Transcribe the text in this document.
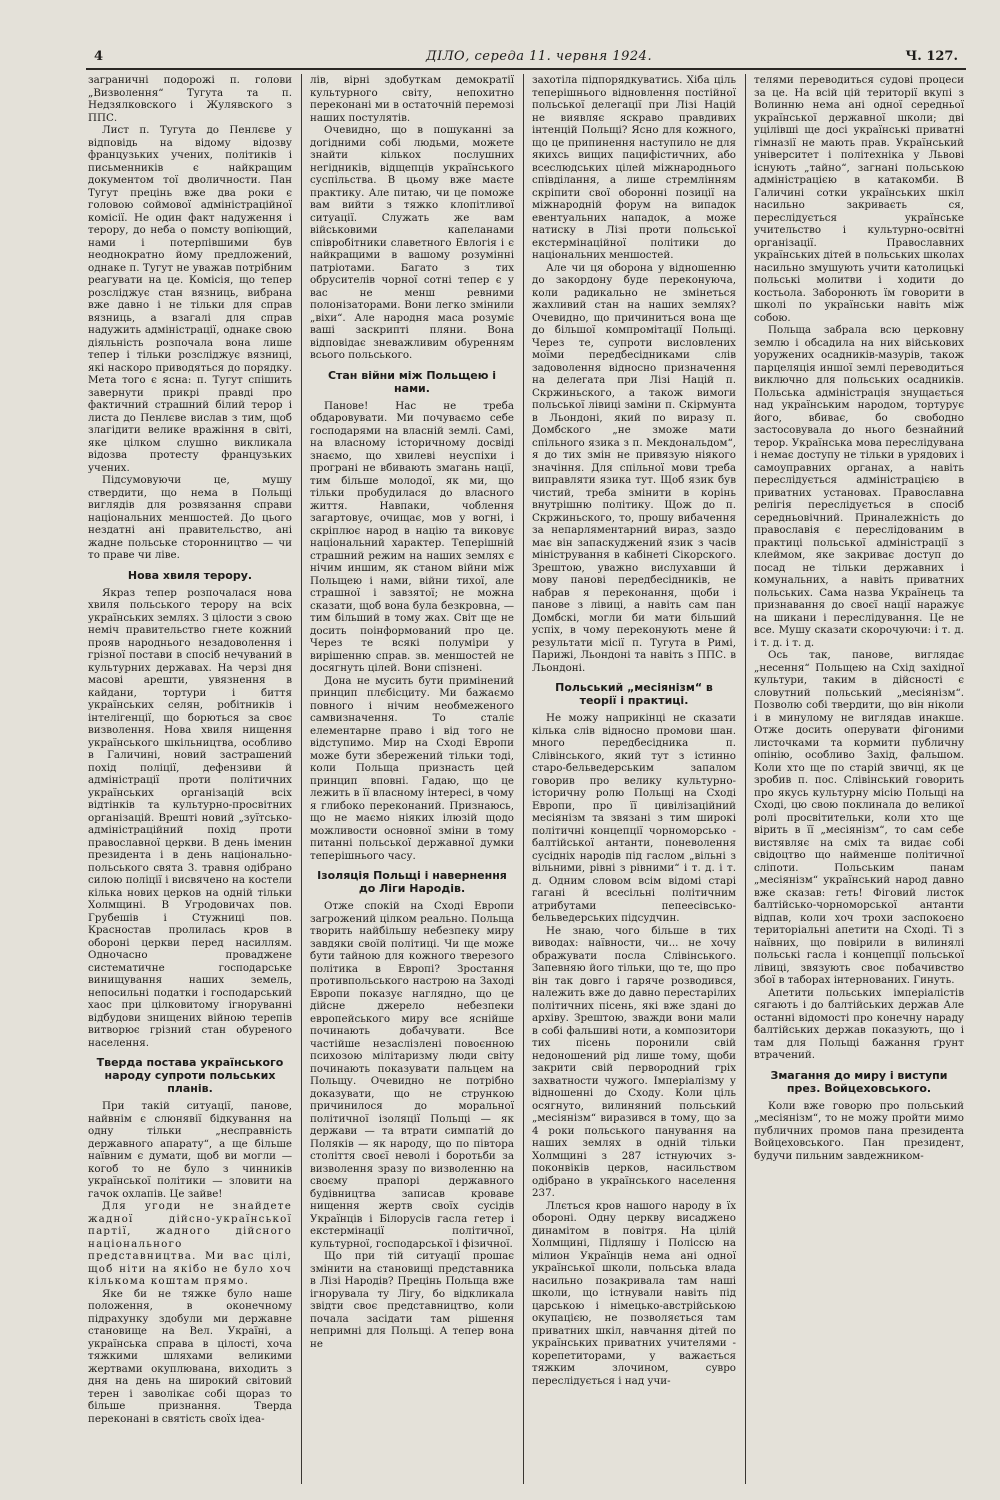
4	ДІЛО, середа 11. червня 1924.	Ч. 127.

заграничні подорожі п. голови „Визволення“ Тугута та п. Недзялковского і Жулявского з ППС.

Лист п. Тугута до Пенлєве у відповідь на відому відозву французьких учених, політиків і письменників є найкращим документом тої дволичности. Пан Тугут прецінь вже два роки є головою соймової адміністраційної комісії. Не один факт надуження і терору, до неба о помсту вопіющий, нами і потерпівшими був неоднократно йому предложений, однаке п. Тугут не уважав потрібним реагувати на це. Комісія, що тепер розсліджує стан вязниць, вибрана вже давно і не тільки для справ вязниць, а взагалі для справ надужить адміністрації, однаке свою діяльність розпочала вона лише тепер і тільки розсліджує вязниці, які наскоро приводяться до порядку. Мета того є ясна: п. Тугут спішить завернути прикрі правді про фактичний страшний білий терор і листа до Пенлєве вислав з тим, щоб злагідити велике вражіння в світі, яке цілком слушно викликала відозва протесту французьких учених.

Підсумовуючи це, мушу ствердити, що нема в Польщі виглядів для розвязання справи національних меншостей. До цього нездатні ані правительство, ані жадне польське сторонництво — чи то праве чи ліве.

Нова хвиля терору.

Якраз тепер розпочалася нова хвиля польського терору на всіх українських землях. З цілости з свою неміч правительство гнете кожний прояв народнього незадоволення і грізної постави в спосіб нечуваний в культурних державах. На черзі дня масові арешти, увязнення в кайдани, тортури і биття українських селян, робітників і інтелігенції, що борються за своє визволення. Нова хвиля нищення українського шкільництва, особливо в Галичині, новий застрашений похід поліції, дефензиви й адміністрації проти політичних українських організацій всіх відтінків та культурно-просвітних організацій. Врешті новий „зуїтсько-адміністраційний похід проти православної церкви. В день іменин президента і в день національно-польського свята 3. травня одібрано силою поліції і висвячено на костели кілька нових церков на одній тільки Холмщині. В Угродовичах пов. Грубешів і Стужниці пов. Красностав пролилась кров в обороні церкви перед насиллям. Одночасно проваджене систематичне господарське винищування наших земель, непосильні податки і господарський хаос при цілковитому ігноруванні відбудови знищених війною терепів витворює грізний стан обуреного населення.

Тверда постава українського народу супроти польських планів.

При такій ситуації, панове, найвнім є слюнявії бідкування на одну тільки „несправність державного апарату“, а ще більше наївним є думати, щоб ви могли — когоб то не було з чинників української політики — зловити на гачок охлапів. Це зайве!

Для угоди не знайдете жадної дійсно-української партії, жадного дійсного національного представництва. Ми вас цілі, щоб ніти на якібо не було хоч кількома коштам прямо.

Яке би не тяжке було наше положення, в оконечному підрахунку здобули ми державне становище на Вел. Україні, а українська справа в цілості, хоча тяжкими шляхами великими жертвами окуплювана, виходить з дня на день на широкий світовий терен і заволікає собі щораз то більше признання. Тверда переконані в святість своїх ідеа-

лів, вірні здобуткам демократії культурного світу, непохитно переконані ми в остаточній перемозі наших постулятів.

Очевидно, що в пошуканні за догідними собі людьми, можете знайти кількох послушних негідників, відщепців українського суспільства. В цьому вже маєте практику. Але питаю, чи це поможе вам вийти з тяжко клопітливої ситуації. Служать же вам військовими капеланами співробітники славетного Евлогія і є найкращими в вашому розумінні патріотами. Багато з тих обрусителів чорної сотні тепер є у вас не менш ревними полонізаторами. Вони легко змінили „віхи“. Але народня маса розуміє ваші заскрипті пляни. Вона відповідає зневажливим обуренням всього польського.

Стан війни між Польщею і нами.

Панове! Нас не треба обдаровувати. Ми почуваємо себе господарями на власній землі. Самі, на власному історичному досвіді знаємо, що хвилеві неуспіхи і програні не вбивають змагань нації, тим більше молодої, як ми, що тільки пробудилася до власного життя. Навпаки, чоблення загартовує, очищає, мов у вогні, і скріплює народ в націю та виковує національний характер. Теперішній страшний режим на наших землях є нічим иншим, як станом війни між Польщею і нами, війни тихої, але страшної і завзятої; не можна сказати, щоб вона була безкровна, — тим більший в тому жах. Світ ще не досить поінформований про це. Через те всякі полуміри у вирішенню справ. зв. меншостей не досягнуть цілей. Вони спізнені.

Дона не мусить бути примінений принцип плєбісциту. Ми бажаємо повного і нічим необмеженого самвизначення. То сталіє елементарне право і від того не відступимо. Мир на Сході Европи може бути збережений тільки тоді, коли Польща признасть цей принцип вповні. Гадаю, що це лежить в її власному інтересі, в чому я глибоко переконаний. Признаюсь, що не маємо ніяких ілюзій щодо можливости основної зміни в тому питанні польської державної думки теперішнього часу.

Ізоляція Польщі і навернення до Ліги Народів.

Отже спокій на Сході Европи загрожений цілком реально. Польща творить найбільшу небезпеку миру завдяки своїй політиці. Чи ще може бути тайною для кожного тверезого політика в Европі? Зростання противпольського настрою на Заході Европи показує наглядно, що це дійсне джерело небезпеки европейського миру все яснійше починають добачувати. Все частійше незаслізлені повоєнною психозою мілітаризму люди світу починають показувати пальцем на Польщу. Очевидно не потрібно доказувати, що не стрункою причинилося до моральної політичної ізоляції Польщі — як держави — та втрати симпатій до Поляків — як народу, що по півтора століття своєї неволі і боротьби за визволення зразу по визволенню на своєму прапорі державного будівництва записав кроваве нищення жертв своїх сусідів Українців і Білорусів гасла гетер і екстермінації політичної, культурної, господарської і фізичної.

Що при тій ситуації прошає змінити на становищі представника в Лізі Народів? Прецінь Польща вже ігнорувала ту Лігу, бо відкликала звідти своє представництво, коли почала засідати там рішення непримні для Польщі. А тепер вона не

захотіла підпорядкуватись. Хіба ціль теперішнього відновлення постійної польської делегації при Лізі Націй не виявляє яскраво правдивих інтенцій Польщі? Ясно для кожного, що це припинення наступило не для якихсь вищих пацифістичних, або всеслюдських цілей міжнароднього співділання, а лише стремлінням скріпити свої оборонні позиції на міжнародній форум на випадок евентуальних нападок, а може натиску в Лізі проти польської екстермінаційної політики до національних меншостей.

Але чи ця оборона у відношенню до закордону буде переконуюча, коли радикально не змінеться жахливий стан на наших землях? Очевидно, що причиниться вона ще до більшої компромітації Польщі. Через те, супроти висловлених моїми передбесідниками слів задоволення відносно призначення на делегата при Лізі Націй п. Скржиньского, а також вимоги польської лівиці заміни п. Скірмунта в Льондоні, який по виразу п. Домбского „не зможе мати спільного язика з п. Мекдональдом“, я до тих змін не привязую ніякого значіння. Для спільної мови треба виправляти язика тут. Щоб язик був чистий, треба змінити в корінь внутрішню політику. Щож до п. Скржиньского, то, прошу вибачення за непарляментарний вираз, заздо має він запаскуджений язик з часів міністрування в кабінеті Сікорского. Зрештою, уважно вислухавши й мову панові передбесідників, не набрав я переконання, щоби і панове з лівиці, а навіть сам пан Домбскі, могли би мати більший успіх, в чому переконують мене й результати місії п. Тугута в Римі, Парижі, Льондоні та навіть з ППС. в Льондоні.

Польський „месіянізм“ в теорії і практиці.

Не можу наприкінці не сказати кілька слів відносно промови шан. много передбесідника п. Слівінського, який тут з істинно старо-бельведерським запалом говорив про велику культурно-історичну ролю Польщі на Сході Европи, про її цивілізаційний месіянізм та звязані з тим широкі політичні концепції чорноморсько - балтійської антанти, поневолення сусідніх народів під гаслом „вільні з вільними, рівні з рівними“ і т. д. і т. д. Одним словом всім відомі старі гагані й всесільні політичним атрибутами пепеесівсько-бельведерських підсудчин.

Не знаю, чого більше в тих виводах: наївности, чи... не хочу ображувати посла Слівінського. Запевняю його тільки, що те, що про він так довго і гаряче розводився, належить вже до давно перестарілих політичних пісень, які вже здані до архіву. Зрештою, зважди вони мали в собі фальшиві ноти, а композитори тих пісень поронили свій недоношений рід лише тому, щоби закрити свій первородний гріх захватности чужого. Імперіалізму у відношенні до Сходу. Коли ціль осягнуто, вилиняний польський „месіянізм“ виразився в тому, що за 4 роки польського панування на наших землях в одній тільки Холмщині з 287 істнуючих з-поконвіків церков, насильством одібрано в українського населення 237.

Ллється кров нашого народу в їх обороні. Одну церкву висаджено динамітом в повітря. На цілій Холмщині, Підляшу і Поліссю на мілион Українців нема ані одної української школи, польська влада насильно позакривала там наші школи, що істнували навіть під царською і німецько-австрійською окупацією, не позволяється там приватних шкіл, навчання дітей по українських приватних учителями - корепетиторами, у важається тяжким злочином, сувро переслідується і над учи-

телями переводиться судові процеси за це. На всій цій території вкупі з Волинню нема ані одної середньої української державної школи; дві уцілівші ще досі українські приватні гімназії не мають прав. Український університет і політехніка у Львові існують „тайно“, загнані польською адміністрацією в катакомби. В Галичині сотки українських шкіл насильно закриваєть ся, переслідується українське учительство і культурно-освітні організації. Православних українських дітей в польських школах насильно змушують учити католицькі польські молитви і ходити до костьола. Заборонють їм говорити в школі по українськи навіть між собою.

Польща забрала всю церковну землю і обсадила на них військових уоружених осадників-мазурів, також парцеляція иншої землі переводиться виключно для польських осадників. Польська адміністрація знущається над українським народом, тортурує його, вбиває, бо свободно застосовувала до нього безнайний терор. Українська мова переслідувана і немає доступу не тільки в урядових і самоуправних органах, а навіть переслідується адміністрацією в приватних установах. Православна релігія переслідується в спосіб середньовічний. Приналежність до православія є переслідованим в практиці польської адміністрації з клеймом, яке закриває доступ до посад не тільки державних і комунальних, а навіть приватних польських. Сама назва Українець та признавання до своєї нації наражує на шикани і переслідування. Це не все. Мушу сказати скорочуючи: і т. д. і т. д. і т. д.

Ось так, панове, виглядає „несення“ Польщею на Схід західної культури, таким в дійсності є словутний польський „месіянізм“. Позволю собі твердити, що він ніколи і в минулому не виглядав инакше. Отже досить оперувати фігоними листочками та кормити публичну опінію, особливо Захід, фальшом. Коли хто ще по старій звичці, як це зробив п. пос. Слівінський говорить про якусь культурну місію Польщі на Сході, цю свою поклинала до великої ролі просвітительки, коли хто ще вірить в її „месіянізм“, то сам себе вистявляє на сміх та видає собі свідоцтво що найменше політичної сліпоти. Польським панам „месіянізм“ український народ давно вже сказав: геть! Фіговий листок балтійсько-чорноморської антанти відпав, коли хоч трохи заспокоєно територіальні апетити на Сході. Ті з наївних, що повірили в вилинялі польські гасла і концепції польської лівиці, звязують своє побачивство збої в таборах інтернованих. Гинуть.

Апетити польських імперіалістів сягають і до балтійських держав Але останні відомості про конечну нараду балтійських держав показують, що і там для Польщі бажання ґрунт втрачений.

Змагання до миру і виступи през. Войцеховського.

Коли вже говорю про польський „месіянізм“, то не можу пройти мимо публичних промов пана президента Войцеховського. Пан президент, будучи пильним завдежником-
